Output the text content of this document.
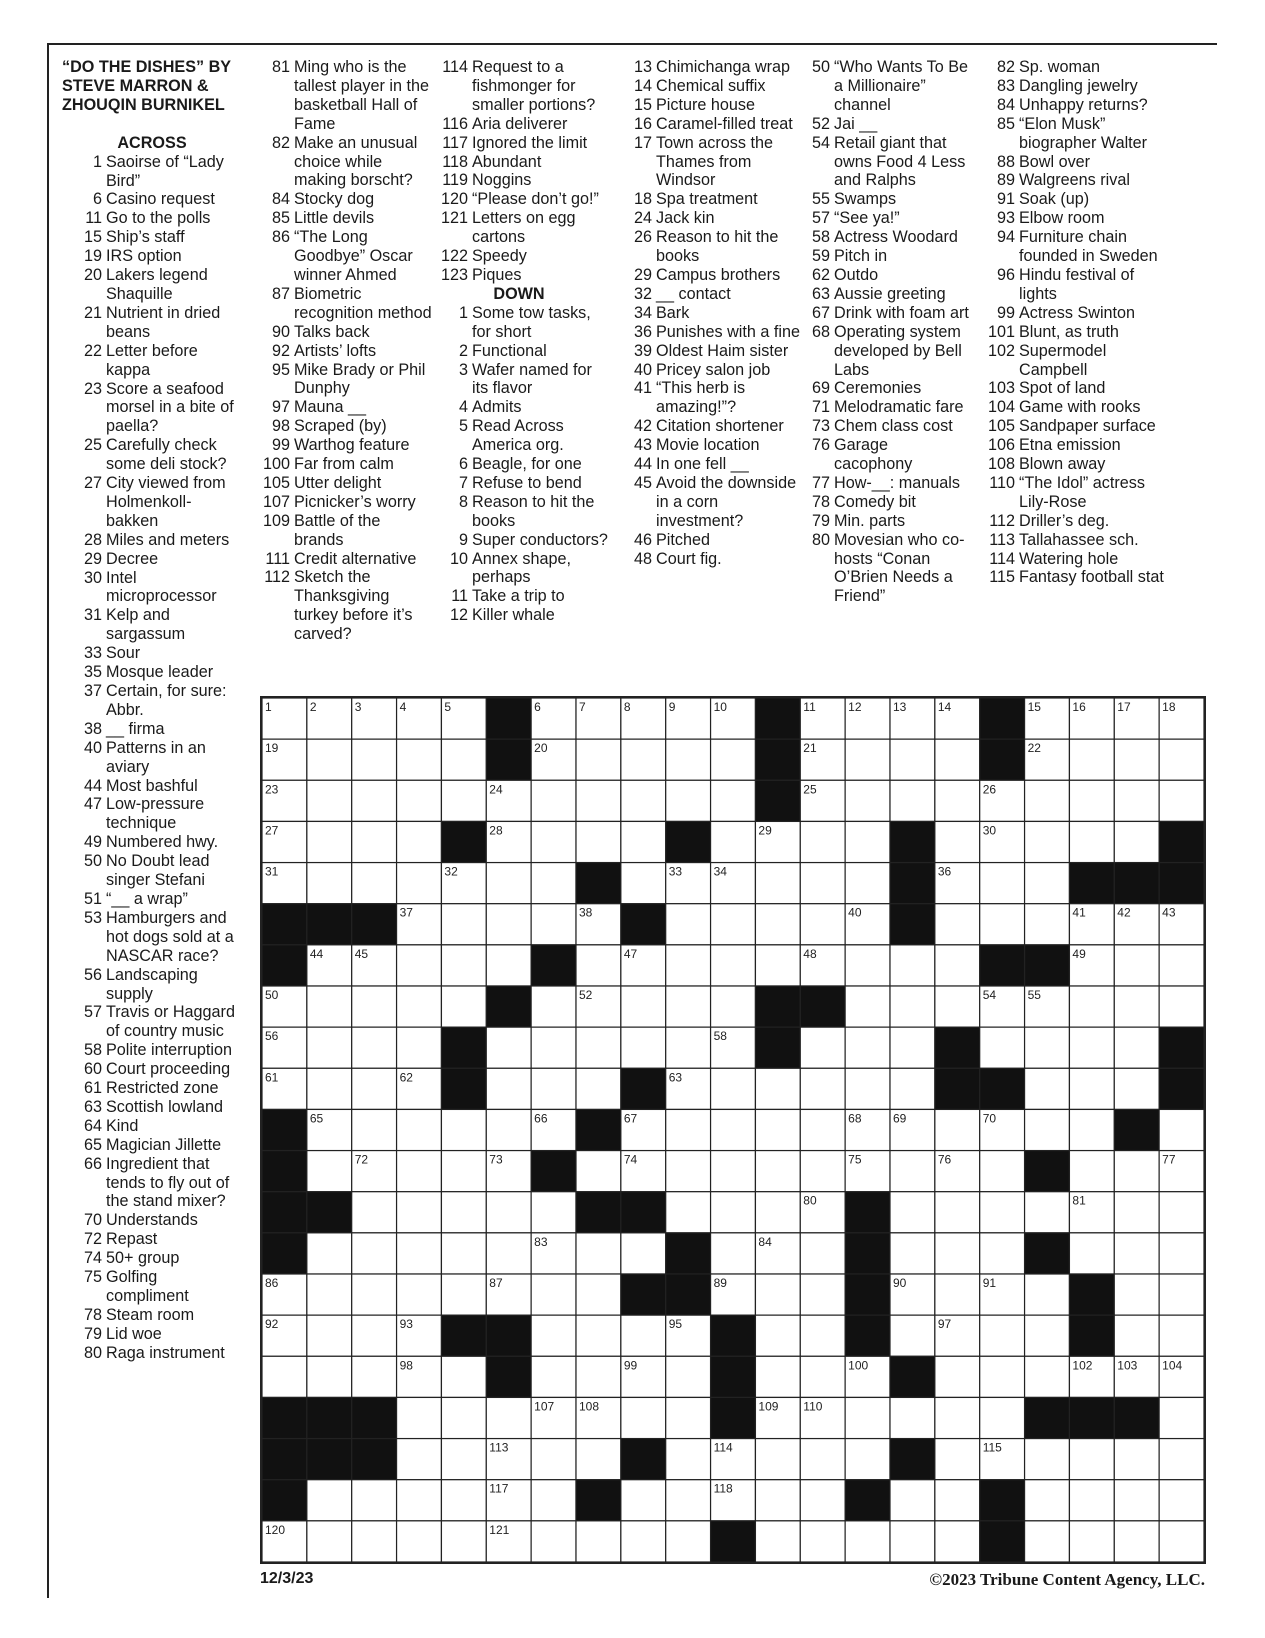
“DO THE DISHES” BY STEVE MARRON & ZHOUQIN BURNIKEL
ACROSS
1 Saoirse of “Lady Bird”
6 Casino request
11 Go to the polls
15 Ship’s staff
19 IRS option
20 Lakers legend Shaquille
21 Nutrient in dried beans
22 Letter before kappa
23 Score a seafood morsel in a bite of paella?
25 Carefully check some deli stock?
27 City viewed from Holmenkoll-bakken
28 Miles and meters
29 Decree
30 Intel microprocessor
31 Kelp and sargassum
33 Sour
35 Mosque leader
37 Certain, for sure: Abbr.
38 __ firma
40 Patterns in an aviary
44 Most bashful
47 Low-pressure technique
49 Numbered hwy.
50 No Doubt lead singer Stefani
51 “__ a wrap”
53 Hamburgers and hot dogs sold at a NASCAR race?
56 Landscaping supply
57 Travis or Haggard of country music
58 Polite interruption
60 Court proceeding
61 Restricted zone
63 Scottish lowland
64 Kind
65 Magician Jillette
66 Ingredient that tends to fly out of the stand mixer?
70 Understands
72 Repast
74 50+ group
75 Golfing compliment
78 Steam room
79 Lid woe
80 Raga instrument
81 Ming who is the tallest player in the basketball Hall of Fame
82 Make an unusual choice while making borscht?
84 Stocky dog
85 Little devils
86 “The Long Goodbye” Oscar winner Ahmed
87 Biometric recognition method
90 Talks back
92 Artists’ lofts
95 Mike Brady or Phil Dunphy
97 Mauna __
98 Scraped (by)
99 Warthog feature
100 Far from calm
105 Utter delight
107 Picnicker’s worry
109 Battle of the brands
111 Credit alternative
112 Sketch the Thanksgiving turkey before it’s carved?
114 Request to a fishmonger for smaller portions?
116 Aria deliverer
117 Ignored the limit
118 Abundant
119 Noggins
120 “Please don’t go!”
121 Letters on egg cartons
122 Speedy
123 Piques
DOWN
1 Some tow tasks, for short
2 Functional
3 Wafer named for its flavor
4 Admits
5 Read Across America org.
6 Beagle, for one
7 Refuse to bend
8 Reason to hit the books
9 Super conductors?
10 Annex shape, perhaps
11 Take a trip to
12 Killer whale
13 Chimichanga wrap
14 Chemical suffix
15 Picture house
16 Caramel-filled treat
17 Town across the Thames from Windsor
18 Spa treatment
24 Jack kin
26 Reason to hit the books
29 Campus brothers
32 __ contact
34 Bark
36 Punishes with a fine
39 Oldest Haim sister
40 Pricey salon job
41 “This herb is amazing!”?
42 Citation shortener
43 Movie location
44 In one fell __
45 Avoid the downside in a corn investment?
46 Pitched
48 Court fig.
50 “Who Wants To Be a Millionaire” channel
52 Jai __
54 Retail giant that owns Food 4 Less and Ralphs
55 Swamps
57 “See ya!”
58 Actress Woodard
59 Pitch in
62 Outdo
63 Aussie greeting
67 Drink with foam art
68 Operating system developed by Bell Labs
69 Ceremonies
71 Melodramatic fare
73 Chem class cost
76 Garage cacophony
77 How-__: manuals
78 Comedy bit
79 Min. parts
80 Movesian who co-hosts “Conan O’Brien Needs a Friend”
82 Sp. woman
83 Dangling jewelry
84 Unhappy returns?
85 “Elon Musk” biographer Walter
88 Bowl over
89 Walgreens rival
91 Soak (up)
93 Elbow room
94 Furniture chain founded in Sweden
96 Hindu festival of lights
99 Actress Swinton
101 Blunt, as truth
102 Supermodel Campbell
103 Spot of land
104 Game with rooks
105 Sandpaper surface
106 Etna emission
108 Blown away
110 “The Idol” actress Lily-Rose
112 Driller’s deg.
113 Tallahassee sch.
114 Watering hole
115 Fantasy football stat
1	2	3	4	5	6	7	8	9	10	11	12	13	14	15	16	17	18
19	20	21	22
23	24	25	26
27	28	29	30
31	32	33	34	36
37	38	40	41	42	43
44	45	47	48	49
50	52	54	55
56	58
61	62	63
65	66	67	68	69	70
72	73	74	75	76	77
80	81
83	84
86	87	89	90	91
92	93	95	97
98	99	100	102 103 104
107 108	109 110
113	114	115
117	118
120	121
12/3/23	©2023 Tribune Content Agency, LLC.
